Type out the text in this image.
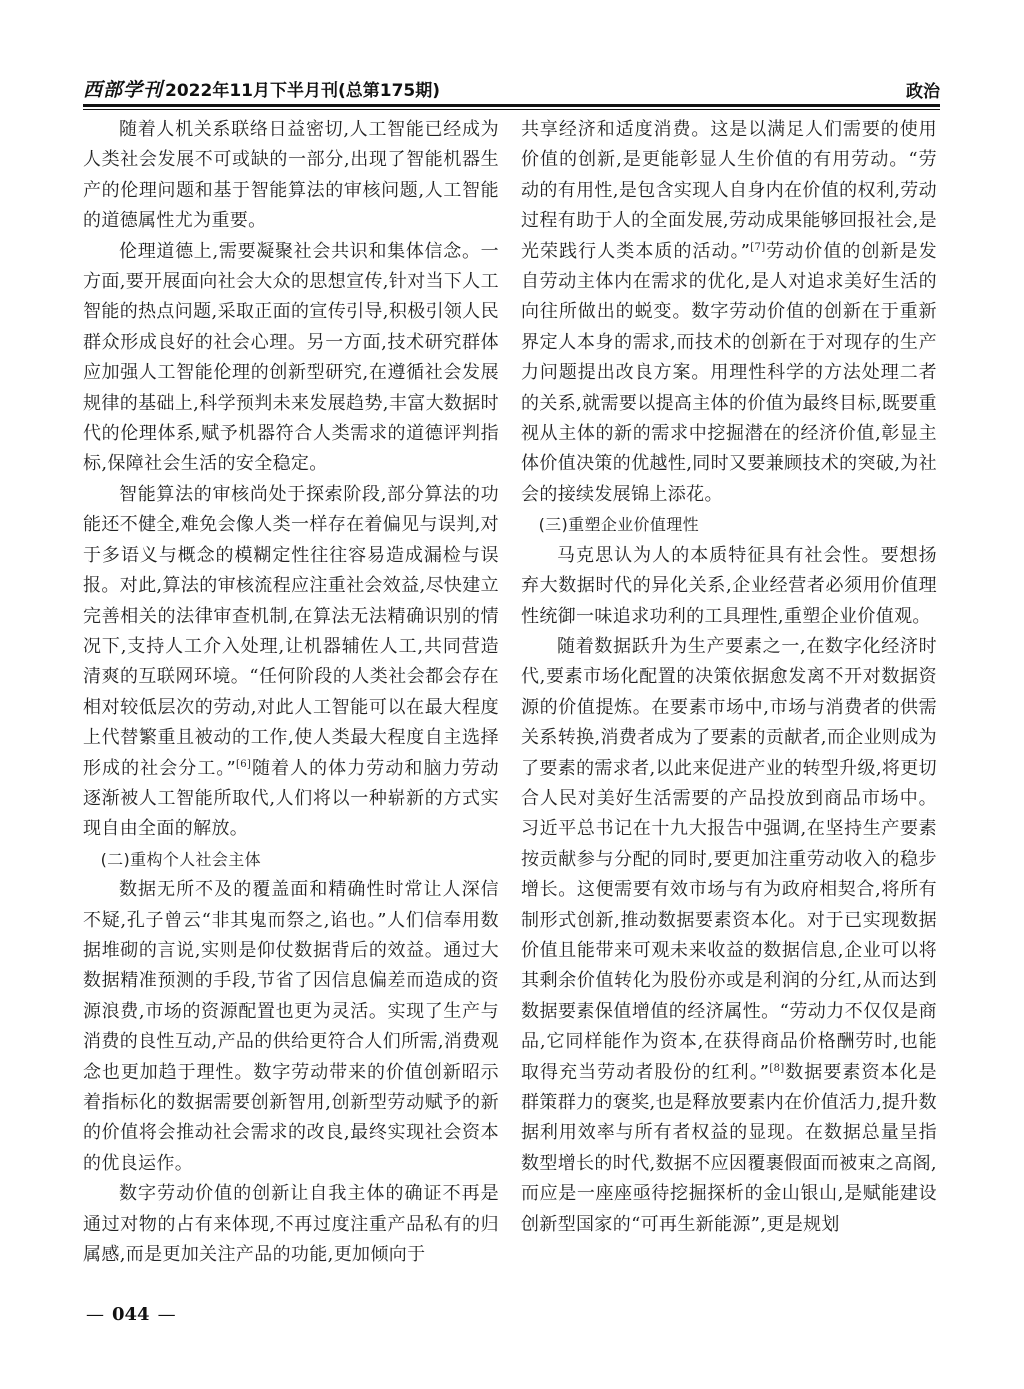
西部学刊 2022年11月下半月刊(总第175期)	政治

随着人机关系联络日益密切,人工智能已经成为人类社会发展不可或缺的一部分,出现了智能机器生产的伦理问题和基于智能算法的审核问题,人工智能的道德属性尤为重要。

伦理道德上,需要凝聚社会共识和集体信念。一方面,要开展面向社会大众的思想宣传,针对当下人工智能的热点问题,采取正面的宣传引导,积极引领人民群众形成良好的社会心理。另一方面,技术研究群体应加强人工智能伦理的创新型研究,在遵循社会发展规律的基础上,科学预判未来发展趋势,丰富大数据时代的伦理体系,赋予机器符合人类需求的道德评判指标,保障社会生活的安全稳定。

智能算法的审核尚处于探索阶段,部分算法的功能还不健全,难免会像人类一样存在着偏见与误判,对于多语义与概念的模糊定性往往容易造成漏检与误报。对此,算法的审核流程应注重社会效益,尽快建立完善相关的法律审查机制,在算法无法精确识别的情况下,支持人工介入处理,让机器辅佐人工,共同营造清爽的互联网环境。“任何阶段的人类社会都会存在相对较低层次的劳动,对此人工智能可以在最大程度上代替繁重且被动的工作,使人类最大程度自主选择形成的社会分工。”[6]随着人的体力劳动和脑力劳动逐渐被人工智能所取代,人们将以一种崭新的方式实现自由全面的解放。

(二)重构个人社会主体

数据无所不及的覆盖面和精确性时常让人深信不疑,孔子曾云“非其鬼而祭之,谄也。”人们信奉用数据堆砌的言说,实则是仰仗数据背后的效益。通过大数据精准预测的手段,节省了因信息偏差而造成的资源浪费,市场的资源配置也更为灵活。实现了生产与消费的良性互动,产品的供给更符合人们所需,消费观念也更加趋于理性。数字劳动带来的价值创新昭示着指标化的数据需要创新智用,创新型劳动赋予的新的价值将会推动社会需求的改良,最终实现社会资本的优良运作。

数字劳动价值的创新让自我主体的确证不再是通过对物的占有来体现,不再过度注重产品私有的归属感,而是更加关注产品的功能,更加倾向于

共享经济和适度消费。这是以满足人们需要的使用价值的创新,是更能彰显人生价值的有用劳动。“劳动的有用性,是包含实现人自身内在价值的权利,劳动过程有助于人的全面发展,劳动成果能够回报社会,是光荣践行人类本质的活动。”[7]劳动价值的创新是发自劳动主体内在需求的优化,是人对追求美好生活的向往所做出的蜕变。数字劳动价值的创新在于重新界定人本身的需求,而技术的创新在于对现存的生产力问题提出改良方案。用理性科学的方法处理二者的关系,就需要以提高主体的价值为最终目标,既要重视从主体的新的需求中挖掘潜在的经济价值,彰显主体价值决策的优越性,同时又要兼顾技术的突破,为社会的接续发展锦上添花。

(三)重塑企业价值理性

马克思认为人的本质特征具有社会性。要想扬弃大数据时代的异化关系,企业经营者必须用价值理性统御一味追求功利的工具理性,重塑企业价值观。

随着数据跃升为生产要素之一,在数字化经济时代,要素市场化配置的决策依据愈发离不开对数据资源的价值提炼。在要素市场中,市场与消费者的供需关系转换,消费者成为了要素的贡献者,而企业则成为了要素的需求者,以此来促进产业的转型升级,将更切合人民对美好生活需要的产品投放到商品市场中。习近平总书记在十九大报告中强调,在坚持生产要素按贡献参与分配的同时,要更加注重劳动收入的稳步增长。这便需要有效市场与有为政府相契合,将所有制形式创新,推动数据要素资本化。对于已实现数据价值且能带来可观未来收益的数据信息,企业可以将其剩余价值转化为股份亦或是利润的分红,从而达到数据要素保值增值的经济属性。“劳动力不仅仅是商品,它同样能作为资本,在获得商品价格酬劳时,也能取得充当劳动者股份的红利。”[8]数据要素资本化是群策群力的褒奖,也是释放要素内在价值活力,提升数据利用效率与所有者权益的显现。在数据总量呈指数型增长的时代,数据不应因覆裹假面而被束之高阁,而应是一座座亟待挖掘探析的金山银山,是赋能建设创新型国家的“可再生新能源”,更是规划

— 044 —
